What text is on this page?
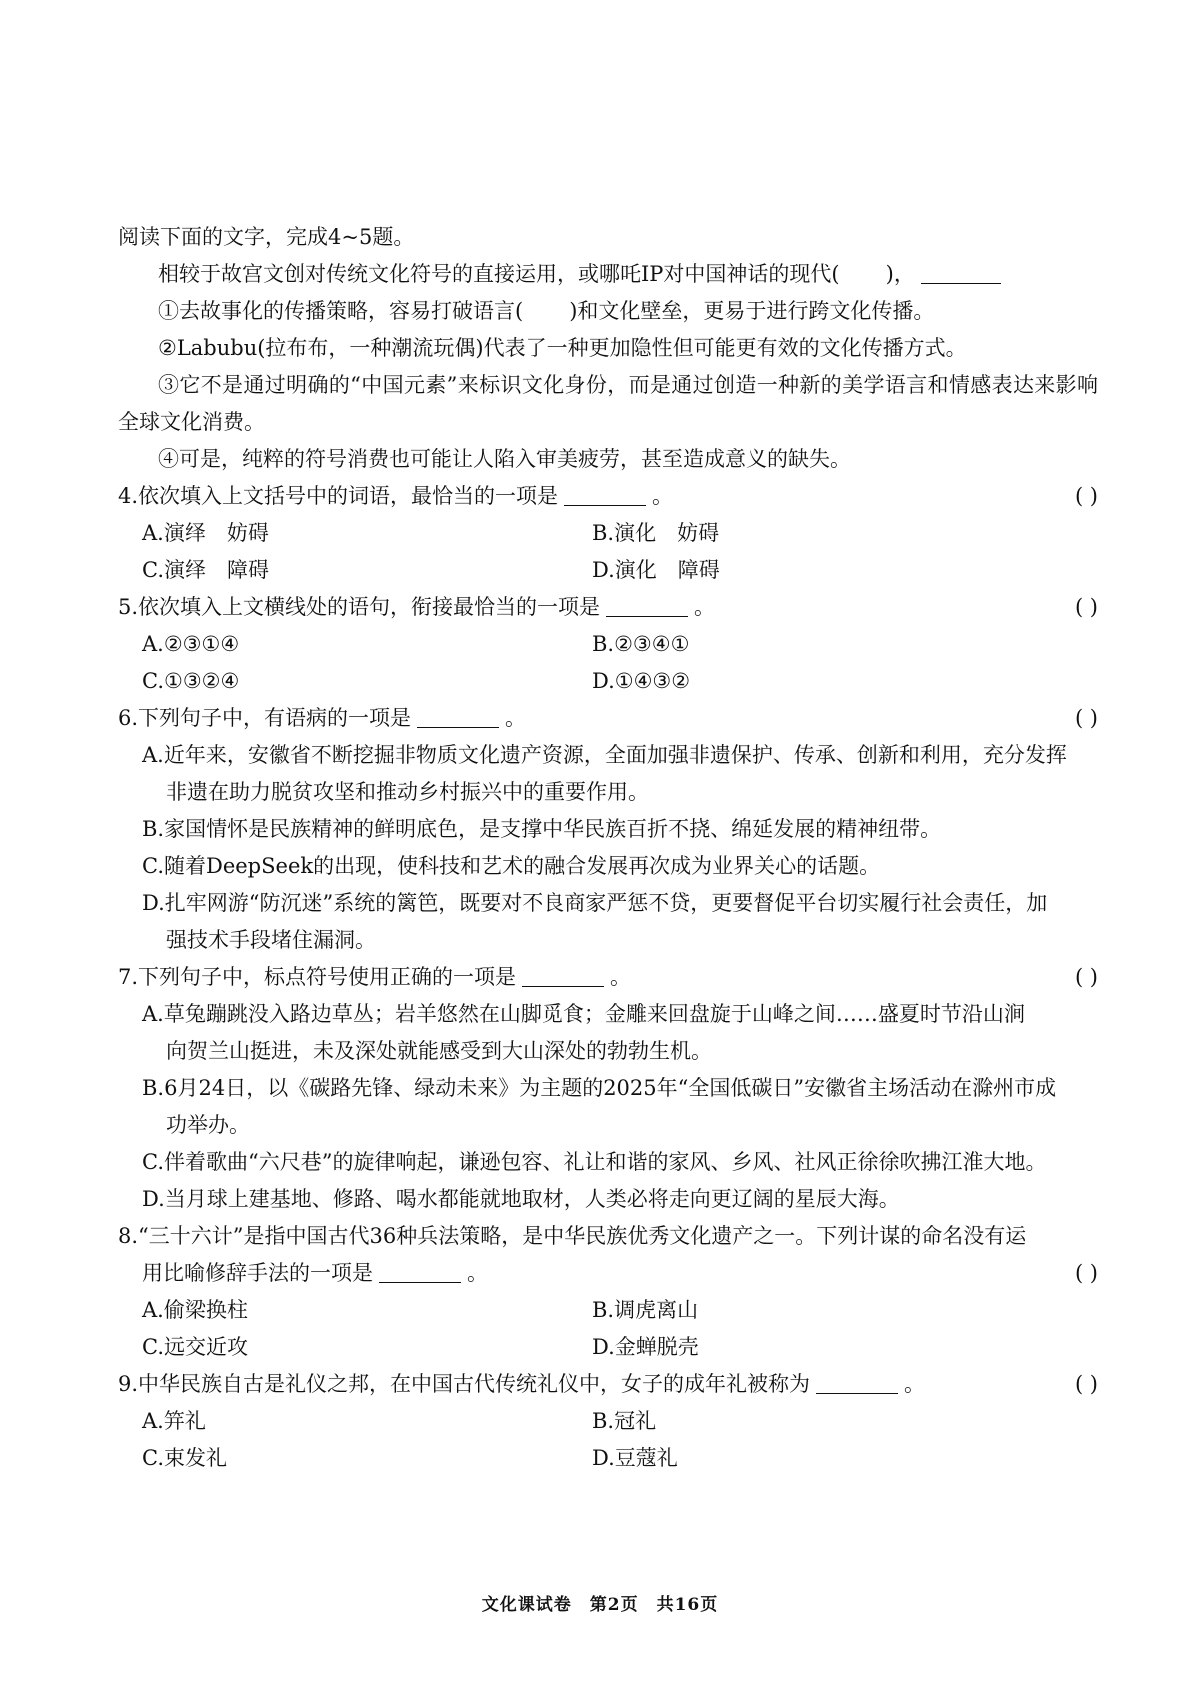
阅读下面的文字，完成4~5题。
相较于故宫文创对传统文化符号的直接运用，或哪吒IP对中国神话的现代( )，
①去故事化的传播策略，容易打破语言( )和文化壁垒，更易于进行跨文化传播。
②Labubu(拉布布，一种潮流玩偶)代表了一种更加隐性但可能更有效的文化传播方式。
③它不是通过明确的“中国元素”来标识文化身份，而是通过创造一种新的美学语言和情感表达来影响全球文化消费。
④可是，纯粹的符号消费也可能让人陷入审美疲劳，甚至造成意义的缺失。
4.依次填入上文括号中的词语，最恰当的一项是	。	( )
A.演绎　妨碍	B.演化　妨碍
C.演绎　障碍	D.演化　障碍
5.依次填入上文横线处的语句，衔接最恰当的一项是	。	( )
A.②③①④	B.②③④①
C.①③②④	D.①④③②
6.下列句子中，有语病的一项是	。	( )
A.近年来，安徽省不断挖掘非物质文化遗产资源，全面加强非遗保护、传承、创新和利用，充分发挥
非遗在助力脱贫攻坚和推动乡村振兴中的重要作用。
B.家国情怀是民族精神的鲜明底色，是支撑中华民族百折不挠、绵延发展的精神纽带。
C.随着DeepSeek的出现，使科技和艺术的融合发展再次成为业界关心的话题。
D.扎牢网游“防沉迷”系统的篱笆，既要对不良商家严惩不贷，更要督促平台切实履行社会责任，加
强技术手段堵住漏洞。
7.下列句子中，标点符号使用正确的一项是	。	( )
A.草兔蹦跳没入路边草丛；岩羊悠然在山脚觅食；金雕来回盘旋于山峰之间……盛夏时节沿山涧
向贺兰山挺进，未及深处就能感受到大山深处的勃勃生机。
B.6月24日，以《碳路先锋、绿动未来》为主题的2025年“全国低碳日”安徽省主场活动在滁州市成
功举办。
C.伴着歌曲“六尺巷”的旋律响起，谦逊包容、礼让和谐的家风、乡风、社风正徐徐吹拂江淮大地。
D.当月球上建基地、修路、喝水都能就地取材，人类必将走向更辽阔的星辰大海。
8.“三十六计”是指中国古代36种兵法策略，是中华民族优秀文化遗产之一。下列计谋的命名没有运
用比喻修辞手法的一项是	。	( )
A.偷梁换柱	B.调虎离山
C.远交近攻	D.金蝉脱壳
9.中华民族自古是礼仪之邦，在中国古代传统礼仪中，女子的成年礼被称为	。	( )
A.笄礼	B.冠礼
C.束发礼	D.豆蔻礼
文化课试卷　第2页　共16页
